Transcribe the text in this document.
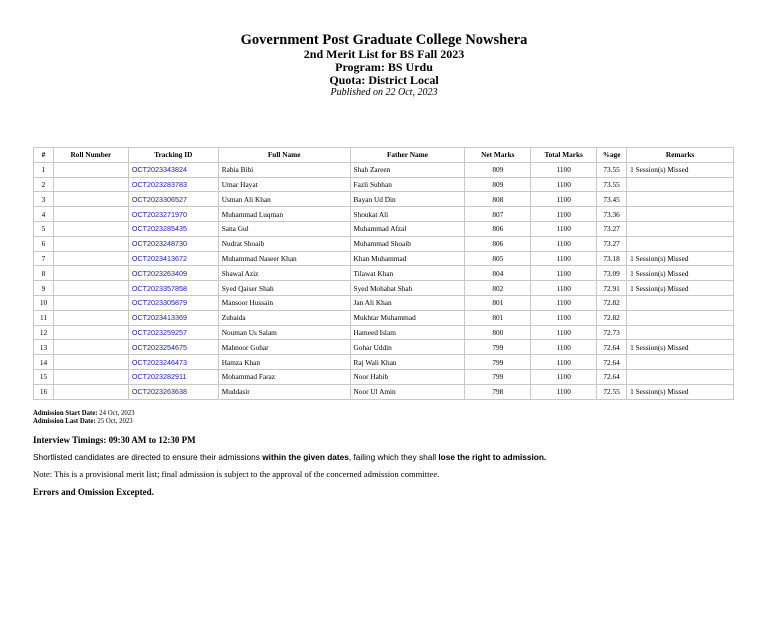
Government Post Graduate College Nowshera
2nd Merit List for BS Fall 2023
Program: BS Urdu
Quota: District Local
Published on 22 Oct, 2023
#	Roll Number	Tracking ID	Full Name	Father Name	Net Marks	Total Marks	%age	Remarks
1		OCT2023343824	Rabia Bibi	Shah Zareen	809	1100	73.55	1 Session(s) Missed
2		OCT2023283783	Umar Hayat	Fazli Subhan	809	1100	73.55	
3		OCT2023306527	Usman Ali Khan	Bayan Ud Din	808	1100	73.45	
4		OCT2023271970	Muhammad Luqman	Shoukat Ali	807	1100	73.36	
5		OCT2023285435	Sana Gul	Muhammad Afzal	806	1100	73.27	
6		OCT2023248730	Nudrat Shoaib	Muhammad Shoaib	806	1100	73.27	
7		OCT2023413672	Muhammad Naseer Khan	Khan Muhammad	805	1100	73.18	1 Session(s) Missed
8		OCT2023263409	Shawal Aziz	Tilawat Khan	804	1100	73.09	1 Session(s) Missed
9		OCT2023357858	Syed Qaiser Shah	Syed Mohabat Shah	802	1100	72.91	1 Session(s) Missed
10		OCT2023305879	Mansoor Hussain	Jan Ali Khan	801	1100	72.82	
11		OCT2023413369	Zubaida	Mukhtar Muhammad	801	1100	72.82	
12		OCT2023259257	Nouman Us Salam	Hameed Islam	800	1100	72.73	
13		OCT2023254675	Mahnoor Gohar	Gohar Uddin	799	1100	72.64	1 Session(s) Missed
14		OCT2023246473	Hamza Khan	Raj Wali Khan	799	1100	72.64	
15		OCT2023282911	Mohammad Faraz	Noor Habib	799	1100	72.64	
16		OCT2023263638	Muddasir	Noor Ul Amin	798	1100	72.55	1 Session(s) Missed
Admission Start Date: 24 Oct, 2023
Admission Last Date: 25 Oct, 2023
Interview Timings: 09:30 AM to 12:30 PM
Shortlisted candidates are directed to ensure their admissions within the given dates, failing which they shall lose the right to admission.
Note: This is a provisional merit list; final admission is subject to the approval of the concerned admission committee.
Errors and Omission Excepted.
